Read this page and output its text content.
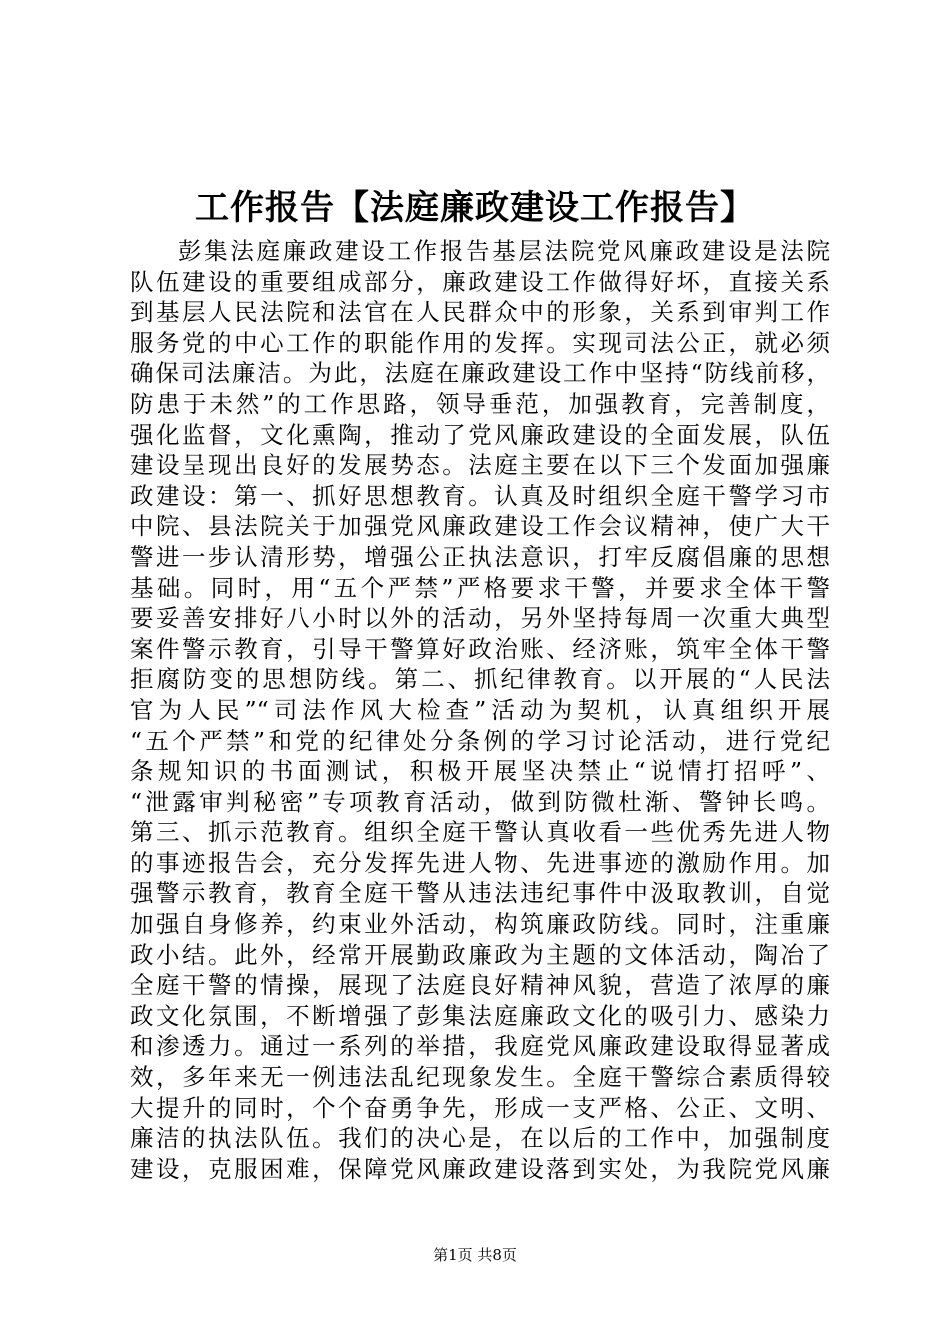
工作报告【法庭廉政建设工作报告】
彭集法庭廉政建设工作报告基层法院党风廉政建设是法院
队伍建设的重要组成部分，廉政建设工作做得好坏，直接关系
到基层人民法院和法官在人民群众中的形象，关系到审判工作
服务党的中心工作的职能作用的发挥。实现司法公正，就必须
确保司法廉洁。为此，法庭在廉政建设工作中坚持“防线前移，
防患于未然”的工作思路，领导垂范，加强教育，完善制度，
强化监督，文化熏陶，推动了党风廉政建设的全面发展，队伍
建设呈现出良好的发展势态。法庭主要在以下三个发面加强廉
政建设：第一、抓好思想教育。认真及时组织全庭干警学习市
中院、县法院关于加强党风廉政建设工作会议精神，使广大干
警进一步认清形势，增强公正执法意识，打牢反腐倡廉的思想
基础。同时，用“五个严禁”严格要求干警，并要求全体干警
要妥善安排好八小时以外的活动，另外坚持每周一次重大典型
案件警示教育，引导干警算好政治账、经济账，筑牢全体干警
拒腐防变的思想防线。第二、抓纪律教育。以开展的“人民法
官为人民”“司法作风大检查”活动为契机，认真组织开展
“五个严禁”和党的纪律处分条例的学习讨论活动，进行党纪
条规知识的书面测试，积极开展坚决禁止“说情打招呼”、
“泄露审判秘密”专项教育活动，做到防微杜渐、警钟长鸣。
第三、抓示范教育。组织全庭干警认真收看一些优秀先进人物
的事迹报告会，充分发挥先进人物、先进事迹的激励作用。加
强警示教育，教育全庭干警从违法违纪事件中汲取教训，自觉
加强自身修养，约束业外活动，构筑廉政防线。同时，注重廉
政小结。此外，经常开展勤政廉政为主题的文体活动，陶冶了
全庭干警的情操，展现了法庭良好精神风貌，营造了浓厚的廉
政文化氛围，不断增强了彭集法庭廉政文化的吸引力、感染力
和渗透力。通过一系列的举措，我庭党风廉政建设取得显著成
效，多年来无一例违法乱纪现象发生。全庭干警综合素质得较
大提升的同时，个个奋勇争先，形成一支严格、公正、文明、
廉洁的执法队伍。我们的决心是，在以后的工作中，加强制度
建设，克服困难，保障党风廉政建设落到实处，为我院党风廉
第1页 共8页
